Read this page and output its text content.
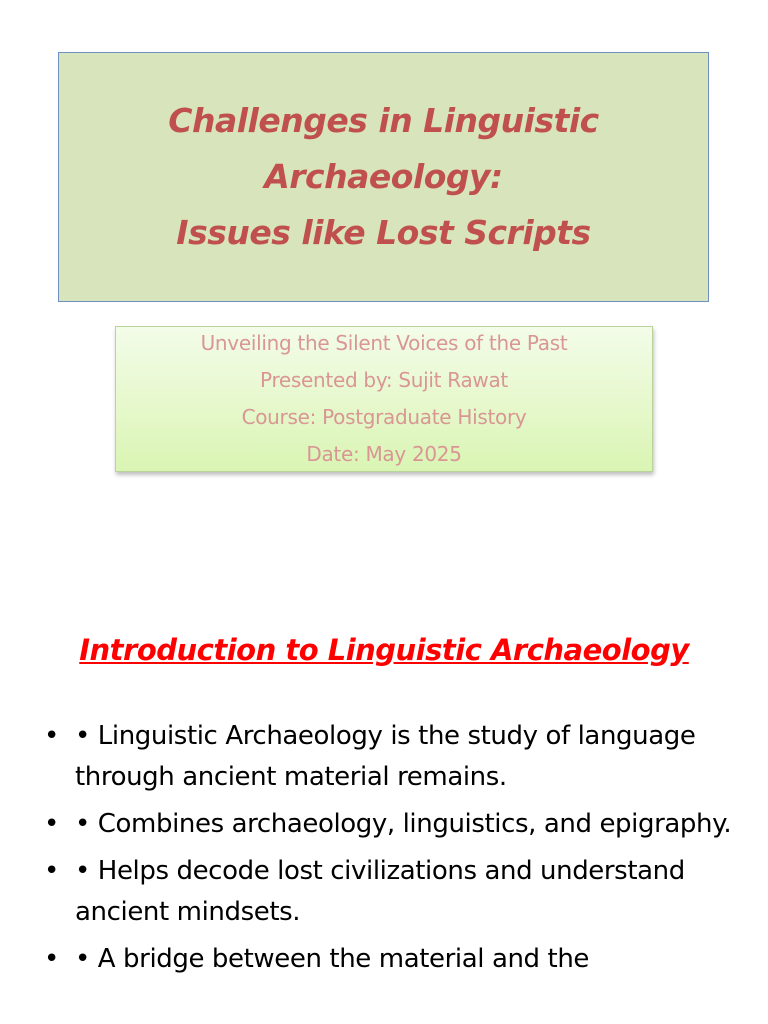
Challenges in Linguistic
Archaeology:
Issues like Lost Scripts
Unveiling the Silent Voices of the Past
Presented by: Sujit Rawat
Course: Postgraduate History
Date: May 2025
Introduction to Linguistic Archaeology
• • Linguistic Archaeology is the study of language through ancient material remains.
• • Combines archaeology, linguistics, and epigraphy.
• • Helps decode lost civilizations and understand ancient mindsets.
• • A bridge between the material and the
